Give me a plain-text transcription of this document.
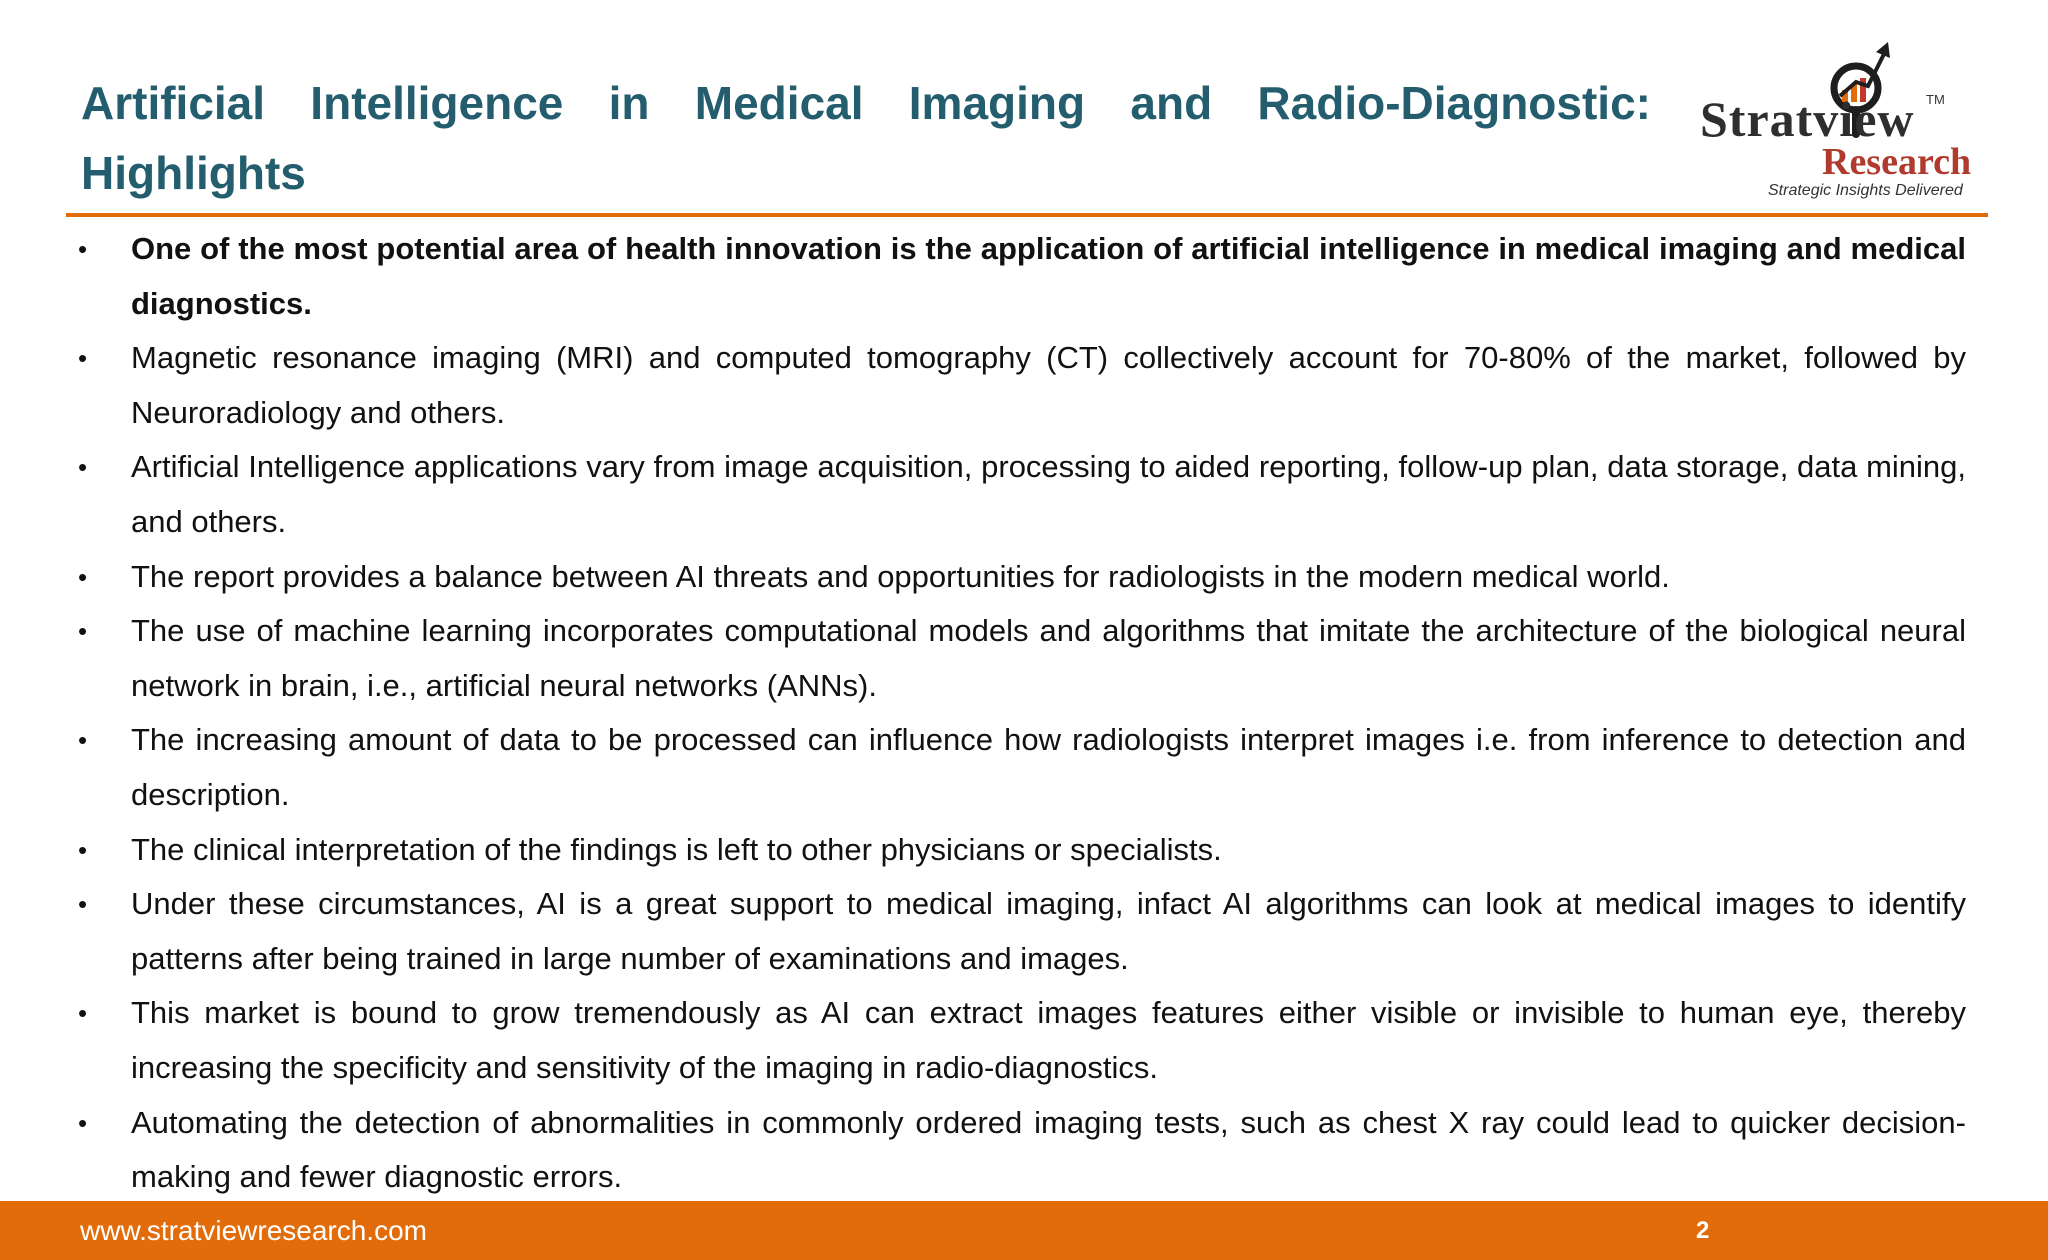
Artificial Intelligence in Medical Imaging and Radio-Diagnostic: Highlights
Stratview TM
Research
Strategic Insights Delivered
•	One of the most potential area of health innovation is the application of artificial intelligence in medical imaging and medical diagnostics.
•	Magnetic resonance imaging (MRI) and computed tomography (CT) collectively account for 70-80% of the market, followed by Neuroradiology and others.
•	Artificial Intelligence applications vary from image acquisition, processing to aided reporting, follow-up plan, data storage, data mining, and others.
•	The report provides a balance between AI threats and opportunities for radiologists in the modern medical world.
•	The use of machine learning incorporates computational models and algorithms that imitate the architecture of the biological neural network in brain, i.e., artificial neural networks (ANNs).
•	The increasing amount of data to be processed can influence how radiologists interpret images i.e. from inference to detection and description.
•	The clinical interpretation of the findings is left to other physicians or specialists.
•	Under these circumstances, AI is a great support to medical imaging, infact AI algorithms can look at medical images to identify patterns after being trained in large number of examinations and images.
•	This market is bound to grow tremendously as AI can extract images features either visible or invisible to human eye, thereby increasing the specificity and sensitivity of the imaging in radio-diagnostics.
•	Automating the detection of abnormalities in commonly ordered imaging tests, such as chest X ray could lead to quicker decision-making and fewer diagnostic errors.
www.stratviewresearch.com	2
